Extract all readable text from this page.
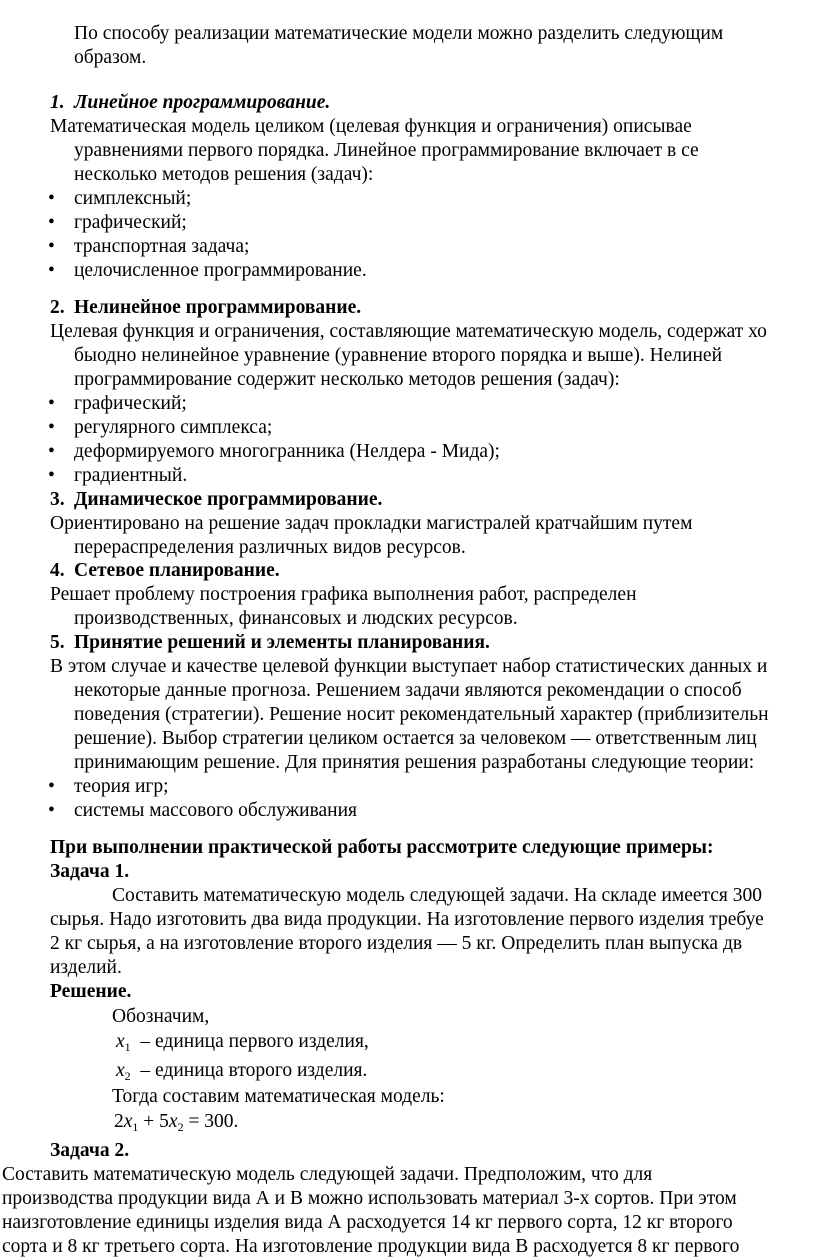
По способу реализации математические модели можно разделить следующим
образом.
1. Линейное программирование.
Математическая модель целиком (целевая функция и ограничения) описывае
уравнениями первого порядка. Линейное программирование включает в се
несколько методов решения (задач):
• симплексный;
• графический;
• транспортная задача;
• целочисленное программирование.
2. Нелинейное программирование.
Целевая функция и ограничения, составляющие математическую модель, содержат хо
быодно нелинейное уравнение (уравнение второго порядка и выше). Нелиней
программирование содержит несколько методов решения (задач):
• графический;
• регулярного симплекса;
• деформируемого многогранника (Нелдера - Мида);
• градиентный.
3. Динамическое программирование.
Ориентировано на решение задач прокладки магистралей кратчайшим путем
перераспределения различных видов ресурсов.
4. Сетевое планирование.
Решает проблему построения графика выполнения работ, распределен
производственных, финансовых и людских ресурсов.
5. Принятие решений и элементы планирования.
В этом случае и качестве целевой функции выступает набор статистических данных и
некоторые данные прогноза. Решением задачи являются рекомендации о способ
поведения (стратегии). Решение носит рекомендательный характер (приблизительн
решение). Выбор стратегии целиком остается за человеком — ответственным лиц
принимающим решение. Для принятия решения разработаны следующие теории:
• теория игр;
• системы массового обслуживания
При выполнении практической работы рассмотрите следующие примеры:
Задача 1.
Составить математическую модель следующей задачи. На складе имеется 300
сырья. Надо изготовить два вида продукции. На изготовление первого изделия требуе
2 кг сырья, а на изготовление второго изделия — 5 кг. Определить план выпуска дв
изделий.
Решение.
Обозначим,
$x_1$ – единица первого изделия,
$x_2$ – единица второго изделия.
Тогда составим математическая модель:
$2x_1 + 5x_2 = 300$.
Задача 2.
Составить математическую модель следующей задачи. Предположим, что для
производства продукции вида А и В можно использовать материал 3-х сортов. При этом
наизготовление единицы изделия вида А расходуется 14 кг первого сорта, 12 кг второго
сорта и 8 кг третьего сорта. На изготовление продукции вида В расходуется 8 кг первого
